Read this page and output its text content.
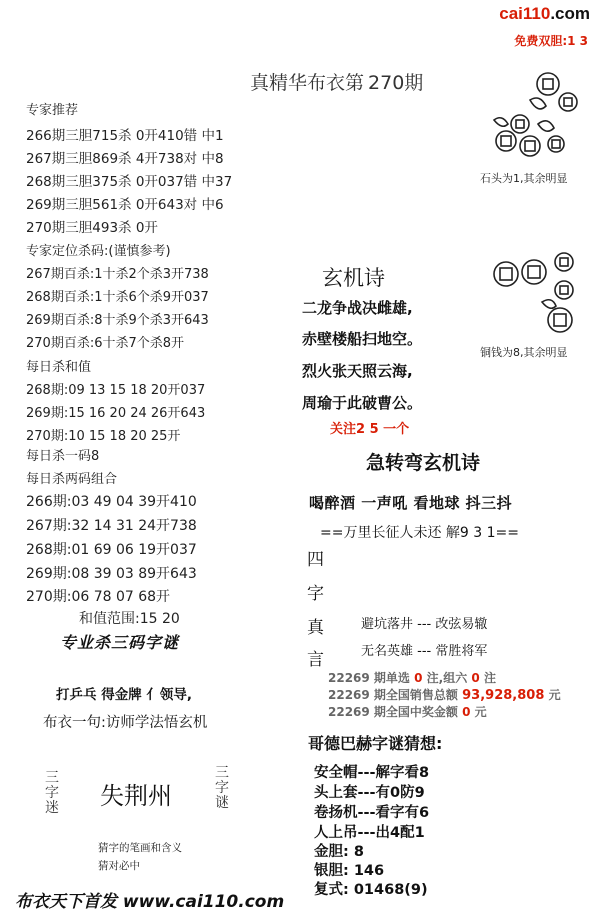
cai110.com
免费双胆:1 3
真精华布衣第 270期
专家推荐
266期三胆715杀 0开410错 中1
267期三胆869杀 4开738对 中8
268期三胆375杀 0开037错 中37
269期三胆561杀 0开643对 中6
270期三胆493杀 0开
专家定位杀码:(谨慎参考)
267期百杀:1十杀2个杀3开738
268期百杀:1十杀6个杀9开037
269期百杀:8十杀9个杀3开643
270期百杀:6十杀7个杀8开
每日杀和值
268期:09 13 15 18 20开037
269期:15 16 20 24 26开643
270期:10 15 18 20 25开
每日杀一码8
每日杀两码组合
266期:03 49 04 39开410
267期:32 14 31 24开738
268期:01 69 06 19开037
269期:08 39 03 89开643
270期:06 78 07 68开
和值范围:15 20
专业杀三码字谜
打乒乓 得金牌 ⺅领导,
布衣一句:访师学法悟玄机
三字迷 失荆州
三字谜
猜字的笔画和含义
猜对必中
石头为1,其余明显
铜钱为8,其余明显
玄机诗
二龙争战决雌雄,
赤壁楼船扫地空。
烈火张天照云海,
周瑜于此破曹公。
关注2 5 一个
急转弯玄机诗
喝醉酒 一声吼 看地球 抖三抖
==万里长征人未还 解9 3 1==
四
字
真
言
避坑落井 --- 改弦易辙
无名英雄 --- 常胜将军
22269 期单选 0 注,组六 0 注
22269 期全国销售总额 93,928,808 元
22269 期全国中奖金额 0 元
哥德巴赫字谜猜想:
安全帽---解字看8
头上套---有0防9
卷扬机---看字有6
人上吊---出4配1
金胆: 8
银胆: 146
复式: 01468(9)
布衣天下首发 www.cai110.com
